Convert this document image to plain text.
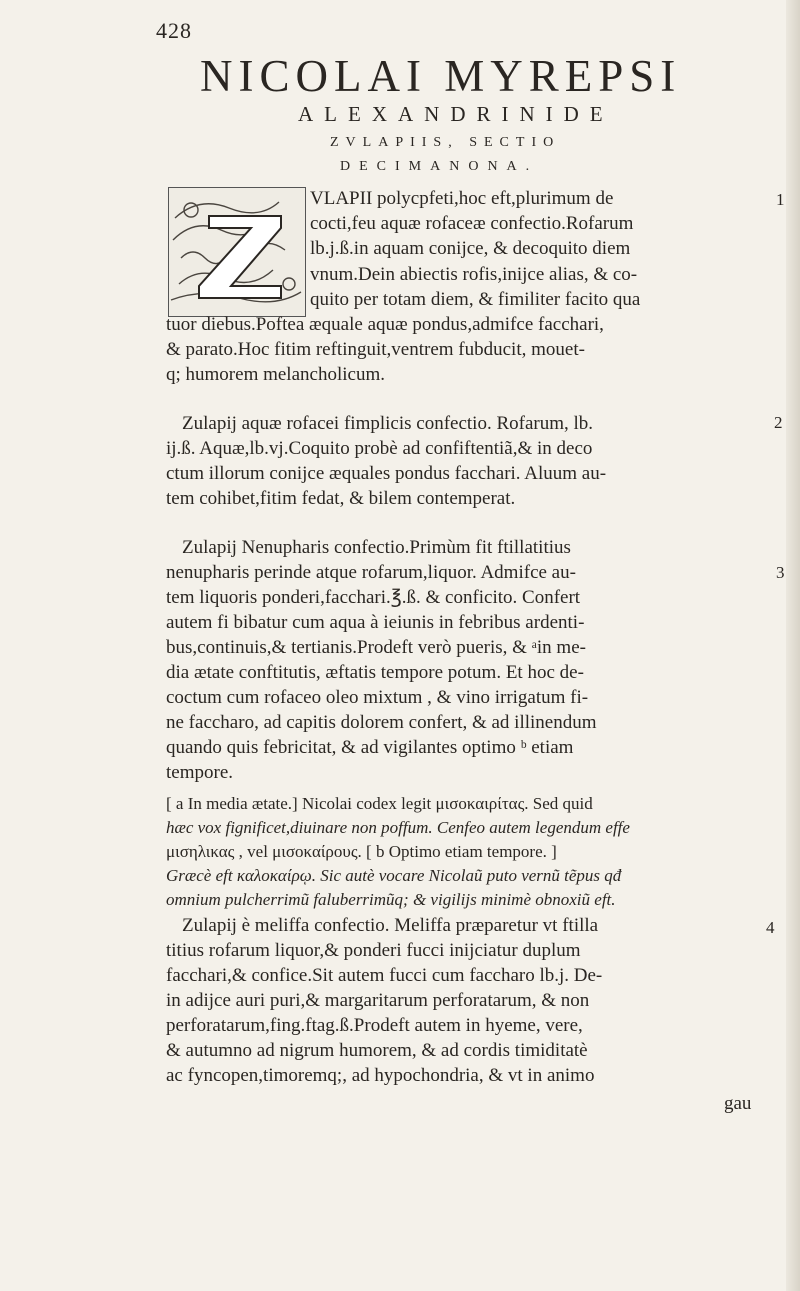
428
NICOLAI MYREPSI
ALEXANDRINIDE
ZVLAPIIS, SECTIO
DECIMANONA.
Z	VLAPII polycpfeti,hoc eft,plurimum de
cocti,feu aquæ rofaceæ confectio.Rofarum
lb.j.ß.in aquam conijce, & decoquito diem
vnum.Dein abiectis rofis,inijce alias, & co-
quito per totam diem, & fimiliter facito qua
tuor diebus.Poftea æquale aquæ pondus,admifce facchari,
& parato.Hoc fitim reftinguit,ventrem fubducit, mouet-
q; humorem melancholicum.
Zulapij aquæ rofacei fimplicis confectio. Rofarum, lb.
ij.ß. Aquæ,lb.vj.Coquito probè ad confiftentiã,& in deco
ctum illorum conijce æquales pondus facchari. Aluum au-
tem cohibet,fitim fedat, & bilem contemperat.
Zulapij Nenupharis confectio.Primùm fit ftillatitius
nenupharis perinde atque rofarum,liquor. Admifce au-
tem liquoris ponderi,facchari.℥.ß. & conficito. Confert
autem fi bibatur cum aqua à ieiunis in febribus ardenti-
bus,continuis,& tertianis.Prodeft verò pueris, & ᵃin me-
dia ætate conftitutis, æftatis tempore potum. Et hoc de-
coctum cum rofaceo oleo mixtum , & vino irrigatum fi-
ne faccharo, ad capitis dolorem confert, & ad illinendum
quando quis febricitat, & ad vigilantes optimo ᵇ etiam
tempore.
[ a In media ætate.] Nicolai codex legit μισοκαιρίτας. Sed quid
hæc vox fignificet,diuinare non poffum. Cenfeo autem legendum effe
μισηλικας , vel μισοκαίρους. [ b Optimo etiam tempore. ]
Græcè eft καλοκαίρῳ. Sic autè vocare Nicolaũ puto vernũ tẽpus qđ
omnium pulcherrimũ faluberrimũq; & vigilijs minimè obnoxiũ eft.
Zulapij è meliffa confectio. Meliffa præparetur vt ftilla
titius rofarum liquor,& ponderi fucci inijciatur duplum
facchari,& confice.Sit autem fucci cum faccharo lb.j. De-
in adijce auri puri,& margaritarum perforatarum, & non
perforatarum,fing.ftag.ß.Prodeft autem in hyeme, vere,
& autumno ad nigrum humorem, & ad cordis timiditatè
ac fyncopen,timoremq;, ad hypochondria, & vt in animo
gau
1
2
3
4
